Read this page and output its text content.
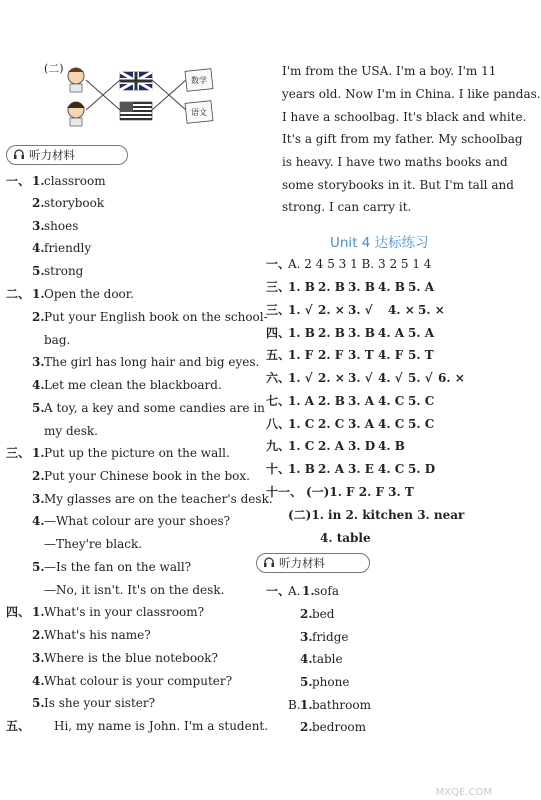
(二)
数学
语文
听力材料
一、 1. classroom
2. storybook
3. shoes
4. friendly
5. strong
二、 1. Open the door.
2. Put your English book on the school-
bag.
3. The girl has long hair and big eyes.
4. Let me clean the blackboard.
5. A toy, a key and some candies are in
my desk.
三、 1. Put up the picture on the wall.
2. Put your Chinese book in the box.
3. My glasses are on the teacher's desk.
4. —What colour are your shoes?
—They're black.
5. —Is the fan on the wall?
—No, it isn't. It's on the desk.
四、 1. What's in your classroom?
2. What's his name?
3. Where is the blue notebook?
4. What colour is your computer?
5. Is she your sister?
五、 Hi, my name is John. I'm a student.
I'm from the USA. I'm a boy. I'm 11
years old. Now I'm in China. I like pandas.
I have a schoolbag. It's black and white.
It's a gift from my father. My schoolbag
is heavy. I have two maths books and
some storybooks in it. But I'm tall and
strong. I can carry it.
Unit 4 达标练习
一、
A. 2 4 5 3 1 B. 3 2 5 1 4
三、
1. B 2. B 3. B 4. B 5. A
三、
1. √ 2. × 3. √ 4. × 5. ×
四、
1. B 2. B 3. B 4. A 5. A
五、
1. F 2. F 3. T 4. F 5. T
六、
1. √ 2. × 3. √ 4. √ 5. √ 6. ×
七、
1. A 2. B 3. A 4. C 5. C
八、
1. C 2. C 3. A 4. C 5. C
九、
1. C 2. A 3. D 4. B
十、
1. B 2. A 3. E 4. C 5. D
十一、 (一)1. F 2. F 3. T
(二)1. in 2. kitchen 3. near
4. table
听力材料
一、
A. 1. sofa
2. bed
3. fridge
4. table
5. phone
B. 1. bathroom
2. bedroom
MXQE.COM
